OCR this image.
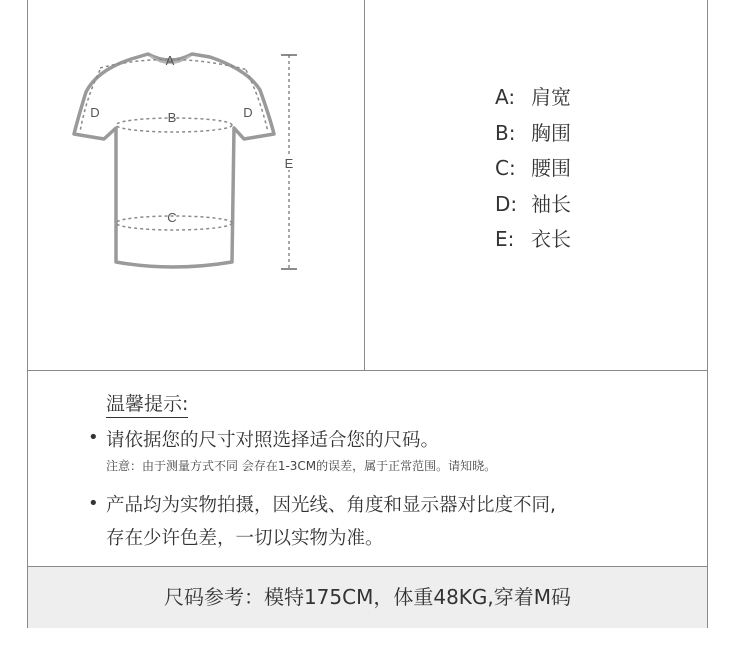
A
B
C
D	D
E
A: 肩宽
B: 胸围
C: 腰围
D: 袖长
E: 衣长
温馨提示:
• 请依据您的尺寸对照选择适合您的尺码。
注意：由于测量方式不同 会存在1-3CM的误差，属于正常范围。请知晓。
• 产品均为实物拍摄，因光线、角度和显示器对比度不同,
存在少许色差，一切以实物为准。
尺码参考：模特175CM，体重48KG,穿着M码
